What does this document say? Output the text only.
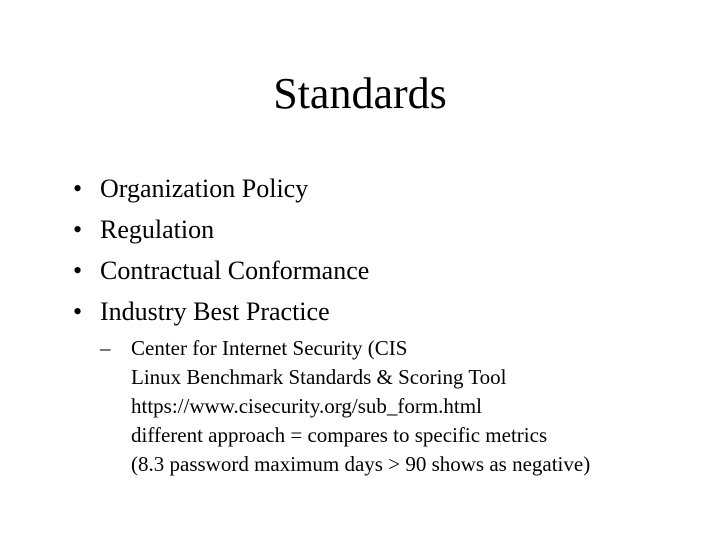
Standards
• Organization Policy
• Regulation
• Contractual Conformance
• Industry Best Practice
– Center for Internet Security (CIS
Linux Benchmark Standards & Scoring Tool
https://www.cisecurity.org/sub_form.html
different approach = compares to specific metrics
(8.3 password maximum days > 90 shows as negative)
